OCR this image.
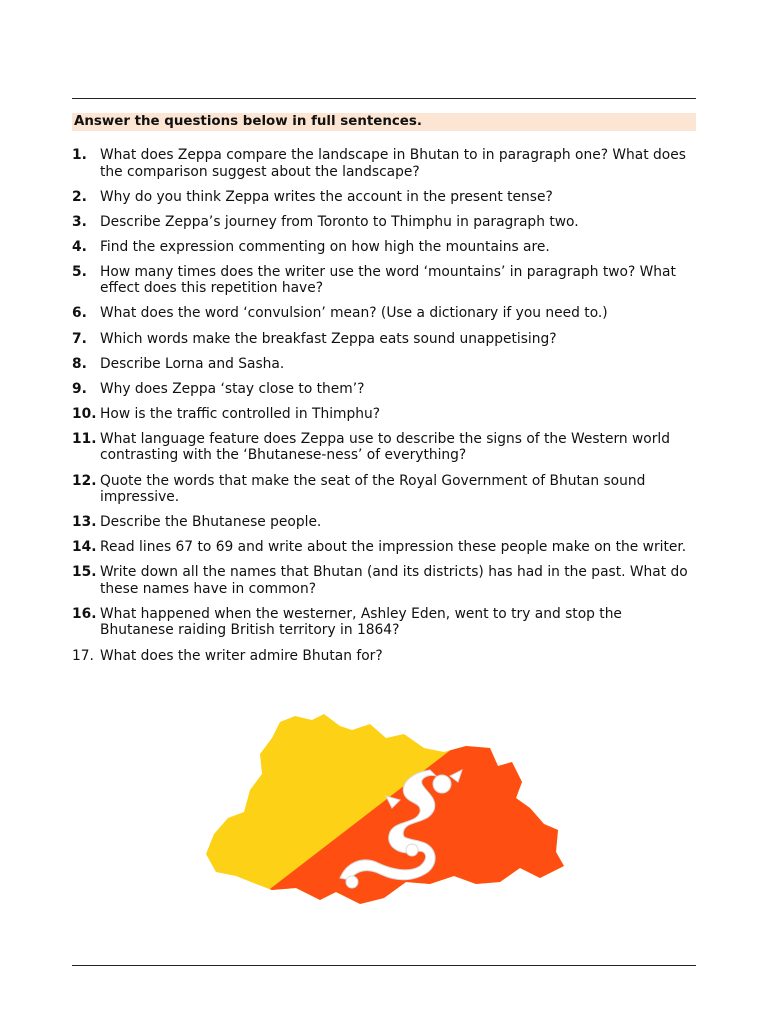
Answer the questions below in full sentences.
1. What does Zeppa compare the landscape in Bhutan to in paragraph one? What does the comparison suggest about the landscape?
2. Why do you think Zeppa writes the account in the present tense?
3. Describe Zeppa’s journey from Toronto to Thimphu in paragraph two.
4. Find the expression commenting on how high the mountains are.
5. How many times does the writer use the word ‘mountains’ in paragraph two? What effect does this repetition have?
6. What does the word ‘convulsion’ mean? (Use a dictionary if you need to.)
7. Which words make the breakfast Zeppa eats sound unappetising?
8. Describe Lorna and Sasha.
9. Why does Zeppa ‘stay close to them’?
10. How is the traffic controlled in Thimphu?
11. What language feature does Zeppa use to describe the signs of the Western world contrasting with the ‘Bhutanese-ness’ of everything?
12. Quote the words that make the seat of the Royal Government of Bhutan sound impressive.
13. Describe the Bhutanese people.
14. Read lines 67 to 69 and write about the impression these people make on the writer.
15. Write down all the names that Bhutan (and its districts) has had in the past. What do these names have in common?
16. What happened when the westerner, Ashley Eden, went to try and stop the Bhutanese raiding British territory in 1864?
17. What does the writer admire Bhutan for?
